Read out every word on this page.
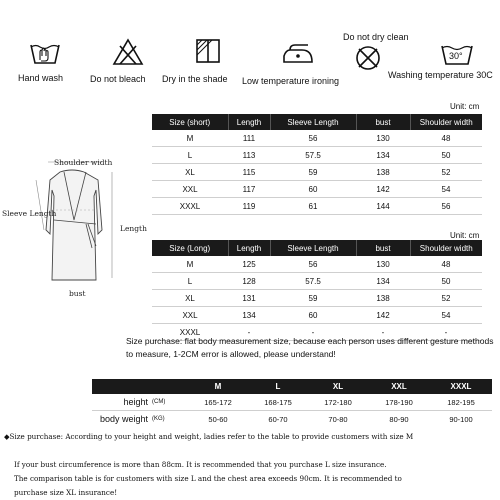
Hand wash	Do not bleach Dry in the shade Low temperature ironing
Do not dry clean
30°
Washing temperature 30C
Shoulder width
Sleeve Length
Length
bust
Unit: cm
Size (short)	Length	Sleeve Length	bust	Shoulder width
M	111	56	130	48
L	113	57.5	134	50
XL	115	59	138	52
XXL	117	60	142	54
XXXL	119	61	144	56
Unit: cm
Size (Long)	Length	Sleeve Length	bust	Shoulder width
M	125	56	130	48
L	128	57.5	134	50
XL	131	59	138	52
XXL	134	60	142	54
XXXL	-	-	-	-
Size purchase: flat body measurement size, because each person uses different gesture methods to measure, 1-2CM error is allowed, please understand!
		M	L	XL	XXL	XXXL
height	(CM)	165-172	168-175	172-180	178-190	182-195
body weight	(KG)	50-60	60-70	70-80	80-90	90-100
◆Size purchase: According to your height and weight, ladies refer to the table to provide customers with size M
If your bust circumference is more than 88cm. It is recommended that you purchase L size insurance.
The comparison table is for customers with size L and the chest area exceeds 90cm. It is recommended to
purchase size XL insurance!
